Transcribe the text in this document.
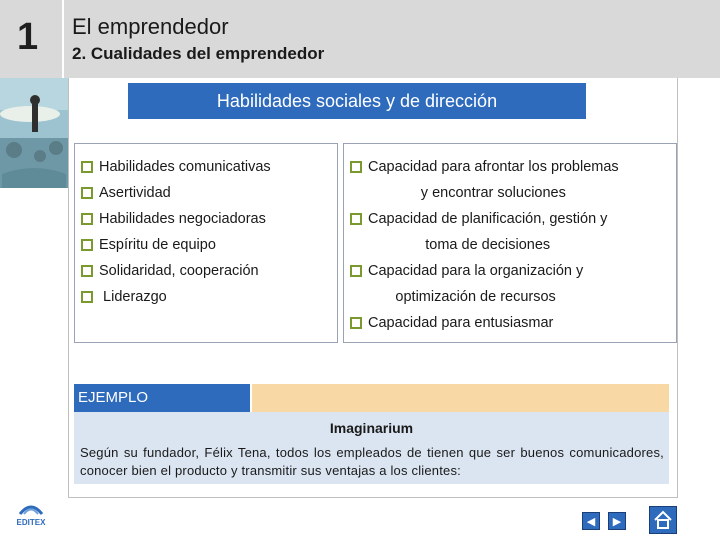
1 El emprendedor
2. Cualidades del emprendedor
Habilidades sociales y de dirección
Habilidades comunicativas
Asertividad
Habilidades negociadoras
Espíritu de equipo
Solidaridad, cooperación
Liderazgo
Capacidad para afrontar los problemas
y encontrar soluciones
Capacidad de planificación, gestión y
toma de decisiones
Capacidad para la organización y
optimización de recursos
Capacidad para entusiasmar
EJEMPLO
Imaginarium
Según su fundador, Félix Tena, todos los empleados de tienen que ser buenos comunicadores, conocer bien el producto y transmitir sus ventajas a los clientes:
EDITEX	◀ ▶
